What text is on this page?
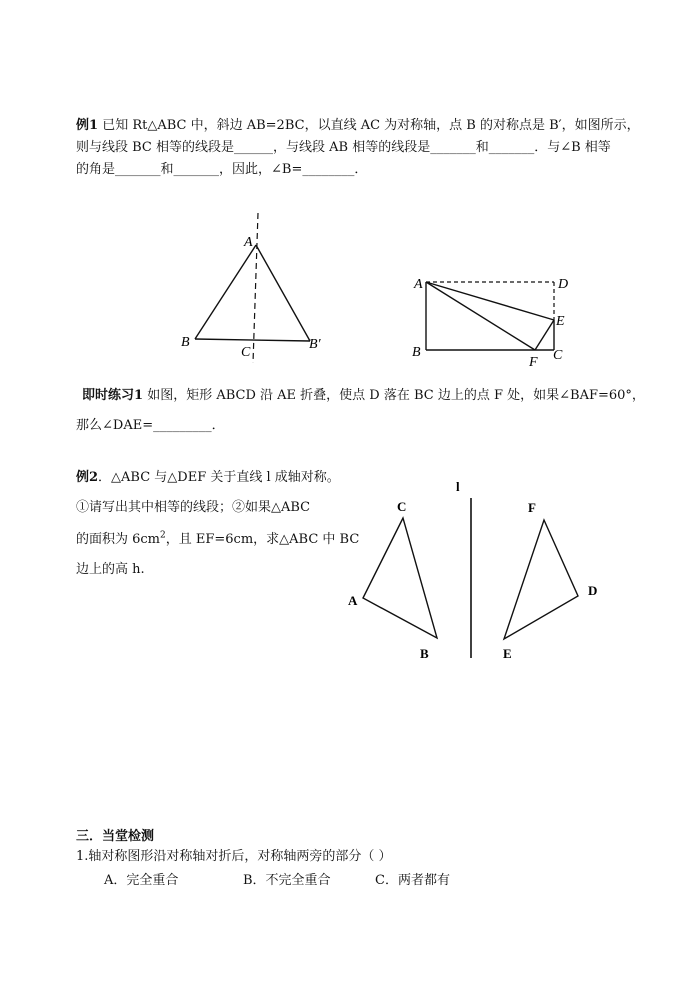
例1 已知 Rt△ABC 中，斜边 AB=2BC，以直线 AC 为对称轴，点 B 的对称点是 B′，如图所示，
则与线段 BC 相等的线段是______，与线段 AB 相等的线段是_______和_______．与∠B 相等
的角是_______和_______，因此，∠B=________．
A
B
C
B′
A
B	C
D
E
F
即时练习1 如图，矩形 ABCD 沿 AE 折叠，使点 D 落在 BC 边上的点 F 处，如果∠BAF=60°，
那么∠DAE=_________．
例2．△ABC 与△DEF 关于直线 l 成轴对称。
①请写出其中相等的线段；②如果△ABC
的面积为 $6cm^2$，且 EF=6cm，求△ABC 中 BC
边上的高 h.
l
C
A
B
F
D
E
三．当堂检测
1.轴对称图形沿对称轴对折后，对称轴两旁的部分（ ）
A．完全重合	B．不完全重合	C．两者都有
